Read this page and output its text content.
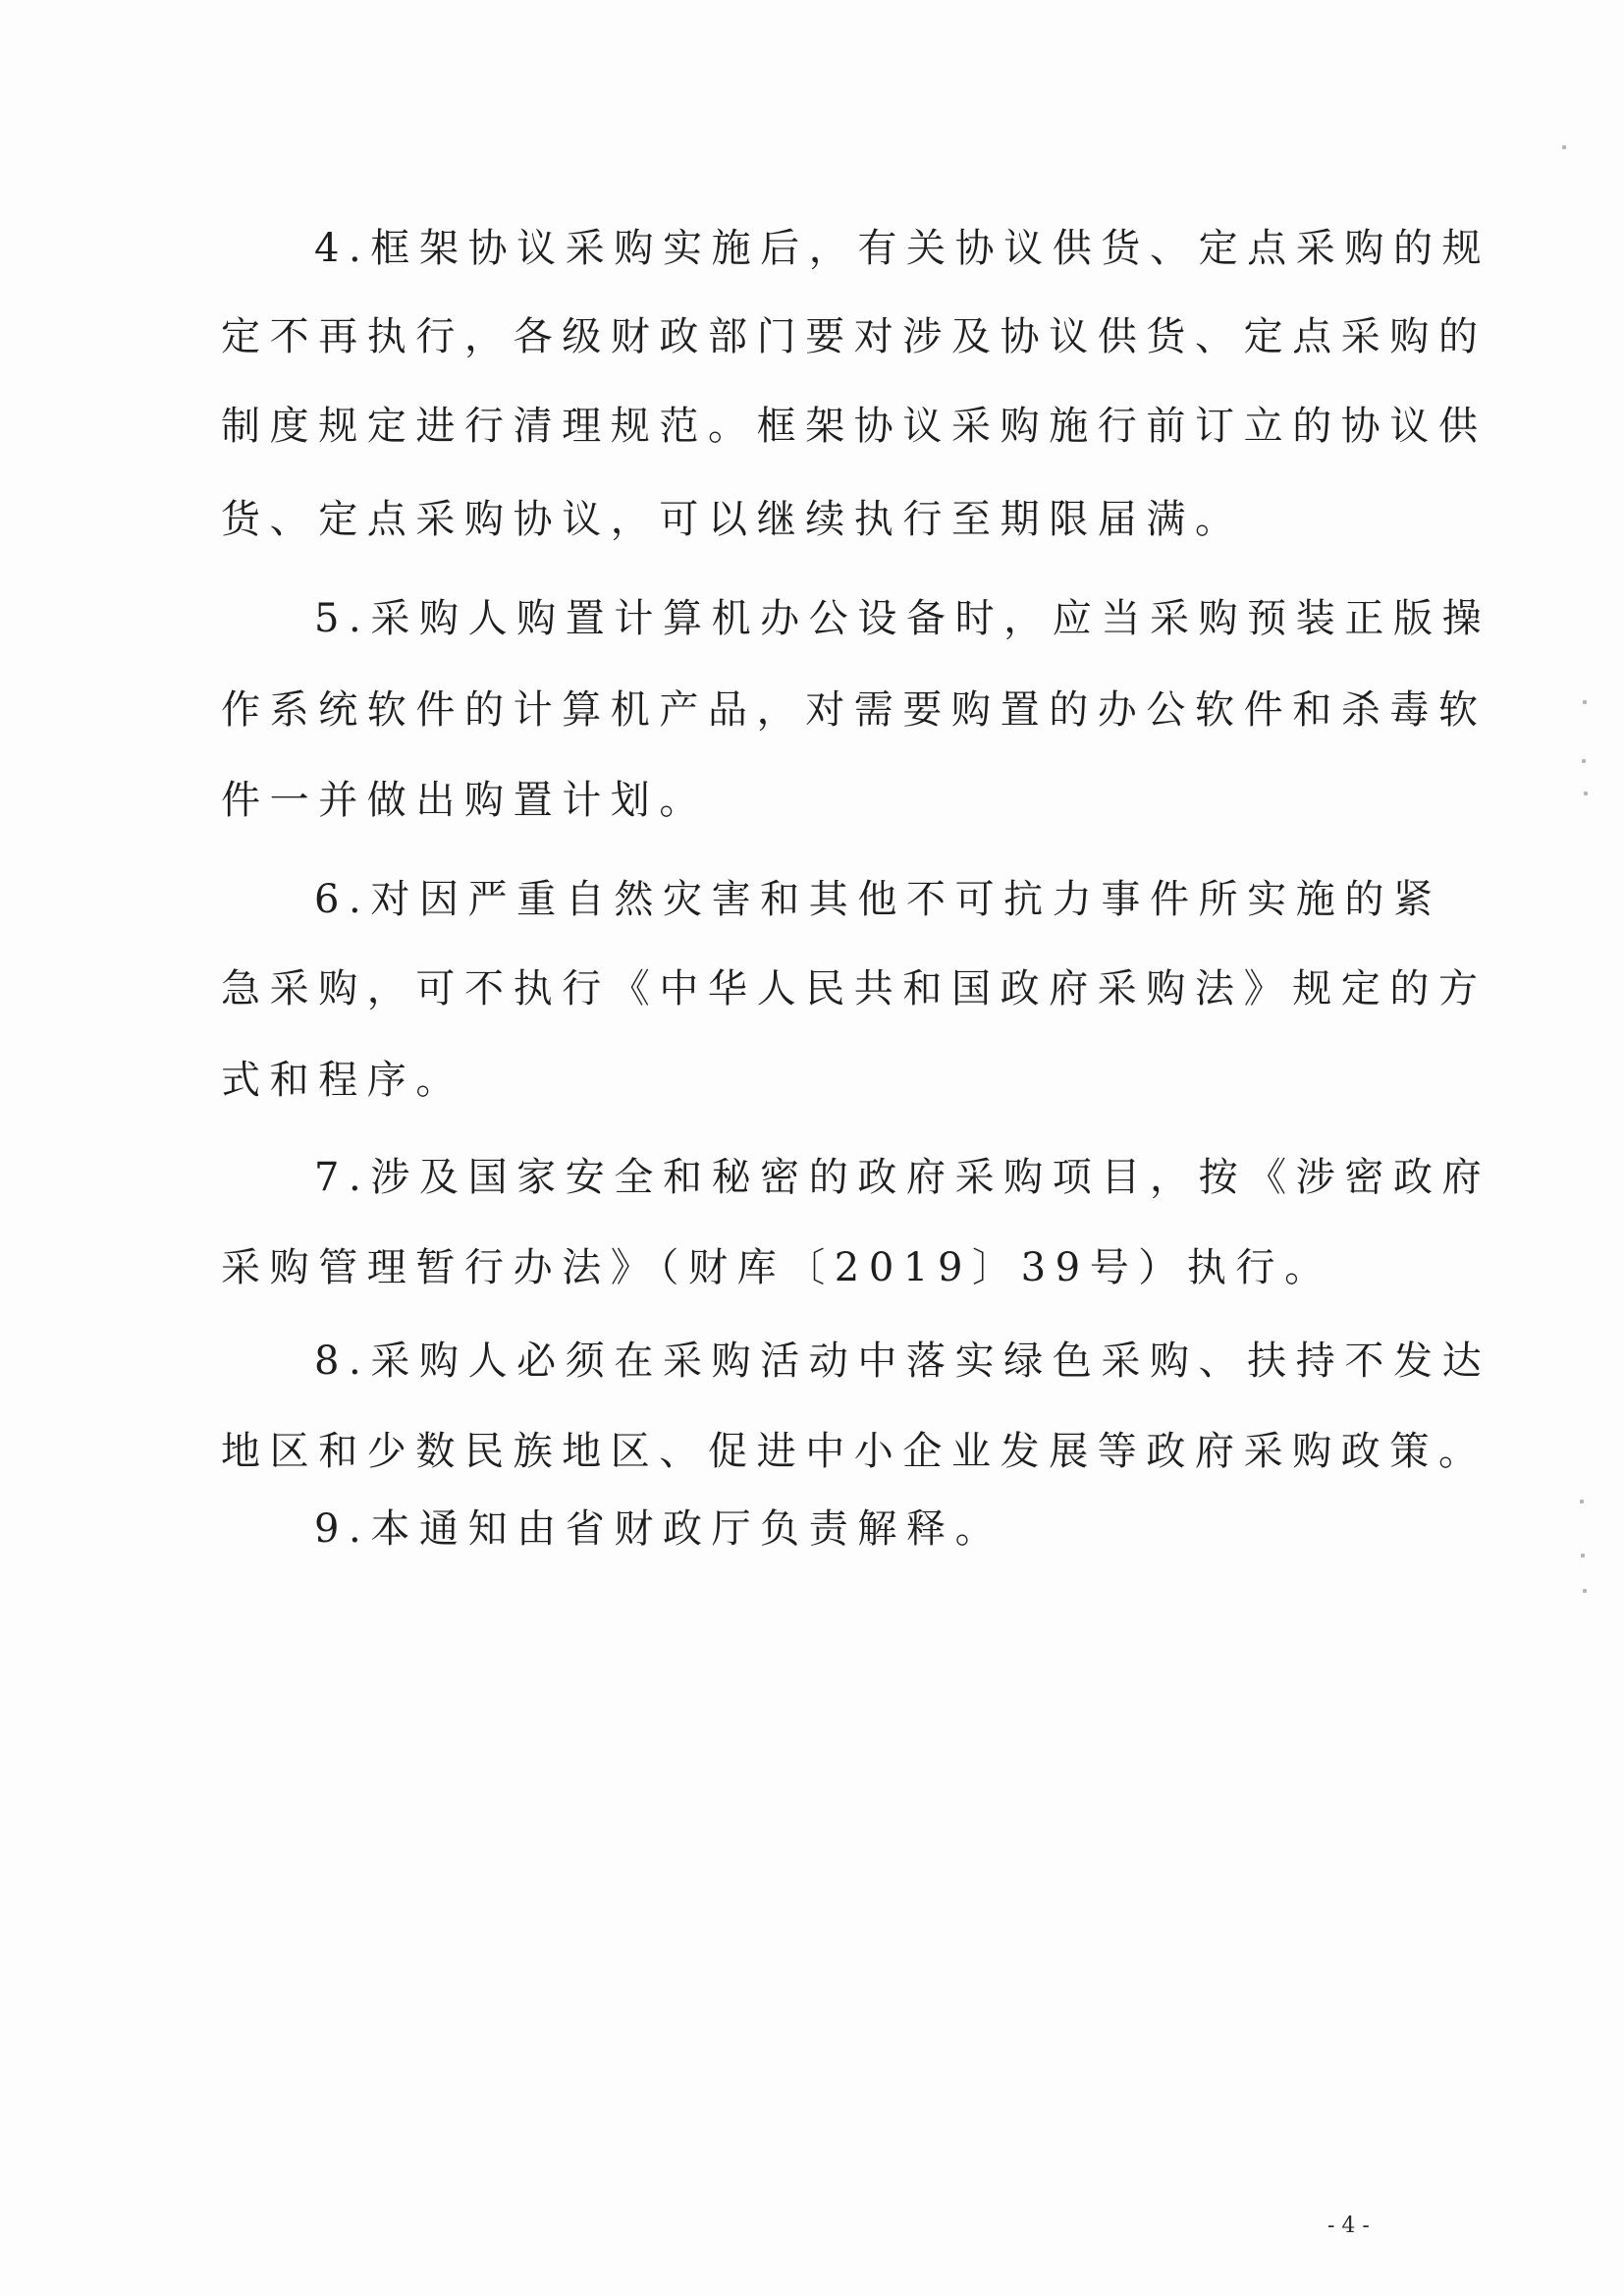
4.框架协议采购实施后，有关协议供货、定点采购的规
定不再执行，各级财政部门要对涉及协议供货、定点采购的
制度规定进行清理规范。框架协议采购施行前订立的协议供
货、定点采购协议，可以继续执行至期限届满。
5.采购人购置计算机办公设备时，应当采购预装正版操
作系统软件的计算机产品，对需要购置的办公软件和杀毒软
件一并做出购置计划。
6.对因严重自然灾害和其他不可抗力事件所实施的紧
急采购，可不执行《中华人民共和国政府采购法》规定的方
式和程序。
7.涉及国家安全和秘密的政府采购项目，按《涉密政府
采购管理暂行办法》（财库〔2019〕39号）执行。
8.采购人必须在采购活动中落实绿色采购、扶持不发达
地区和少数民族地区、促进中小企业发展等政府采购政策。
9.本通知由省财政厅负责解释。
- 4 -
